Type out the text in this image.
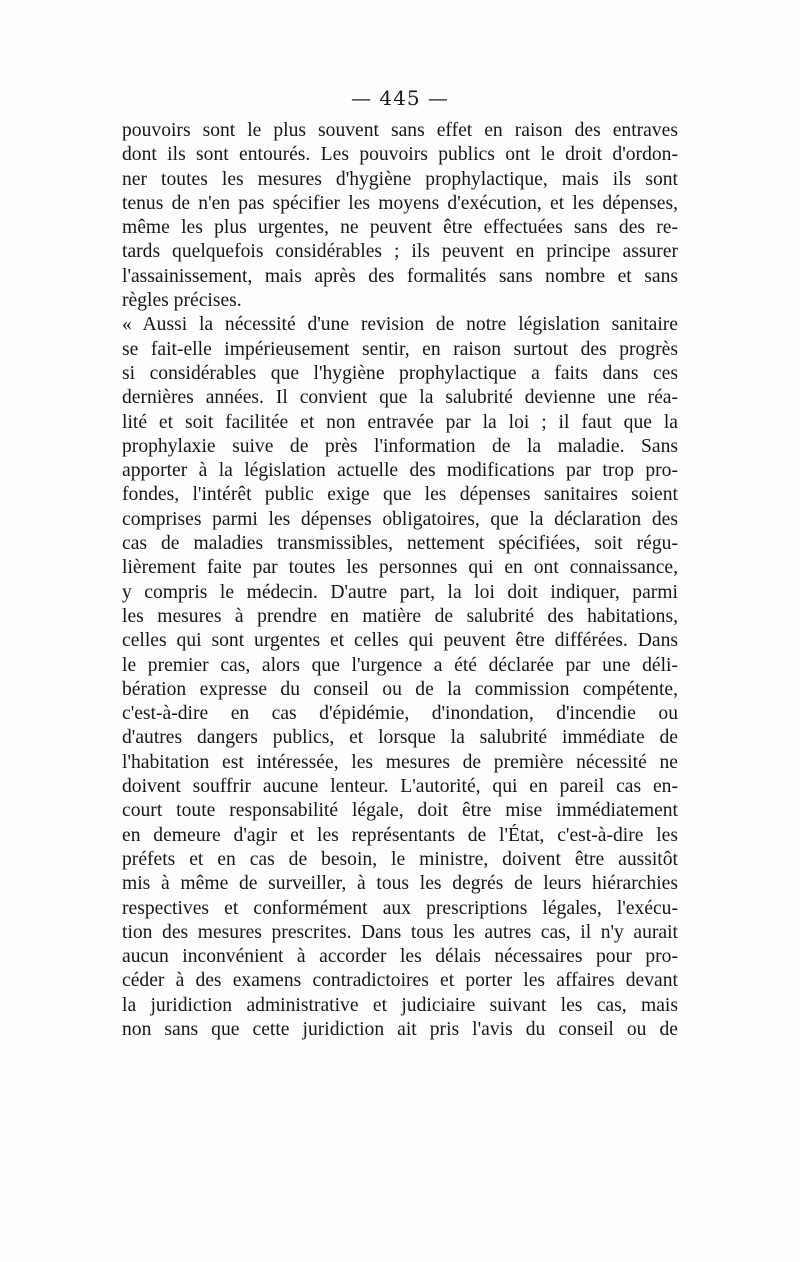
— 445 —
pouvoirs sont le plus souvent sans effet en raison des entraves
dont ils sont entourés. Les pouvoirs publics ont le droit d'ordon-
ner toutes les mesures d'hygiène prophylactique, mais ils sont
tenus de n'en pas spécifier les moyens d'exécution, et les dépenses,
même les plus urgentes, ne peuvent être effectuées sans des re-
tards quelquefois considérables ; ils peuvent en principe assurer
l'assainissement, mais après des formalités sans nombre et sans
règles précises.
« Aussi la nécessité d'une revision de notre législation sanitaire
se fait-elle impérieusement sentir, en raison surtout des progrès
si considérables que l'hygiène prophylactique a faits dans ces
dernières années. Il convient que la salubrité devienne une réa-
lité et soit facilitée et non entravée par la loi ; il faut que la
prophylaxie suive de près l'information de la maladie. Sans
apporter à la législation actuelle des modifications par trop pro-
fondes, l'intérêt public exige que les dépenses sanitaires soient
comprises parmi les dépenses obligatoires, que la déclaration des
cas de maladies transmissibles, nettement spécifiées, soit régu-
lièrement faite par toutes les personnes qui en ont connaissance,
y compris le médecin. D'autre part, la loi doit indiquer, parmi
les mesures à prendre en matière de salubrité des habitations,
celles qui sont urgentes et celles qui peuvent être différées. Dans
le premier cas, alors que l'urgence a été déclarée par une déli-
bération expresse du conseil ou de la commission compétente,
c'est-à-dire en cas d'épidémie, d'inondation, d'incendie ou
d'autres dangers publics, et lorsque la salubrité immédiate de
l'habitation est intéressée, les mesures de première nécessité ne
doivent souffrir aucune lenteur. L'autorité, qui en pareil cas en-
court toute responsabilité légale, doit être mise immédiatement
en demeure d'agir et les représentants de l'État, c'est-à-dire les
préfets et en cas de besoin, le ministre, doivent être aussitôt
mis à même de surveiller, à tous les degrés de leurs hiérarchies
respectives et conformément aux prescriptions légales, l'exécu-
tion des mesures prescrites. Dans tous les autres cas, il n'y aurait
aucun inconvénient à accorder les délais nécessaires pour pro-
céder à des examens contradictoires et porter les affaires devant
la juridiction administrative et judiciaire suivant les cas, mais
non sans que cette juridiction ait pris l'avis du conseil ou de
